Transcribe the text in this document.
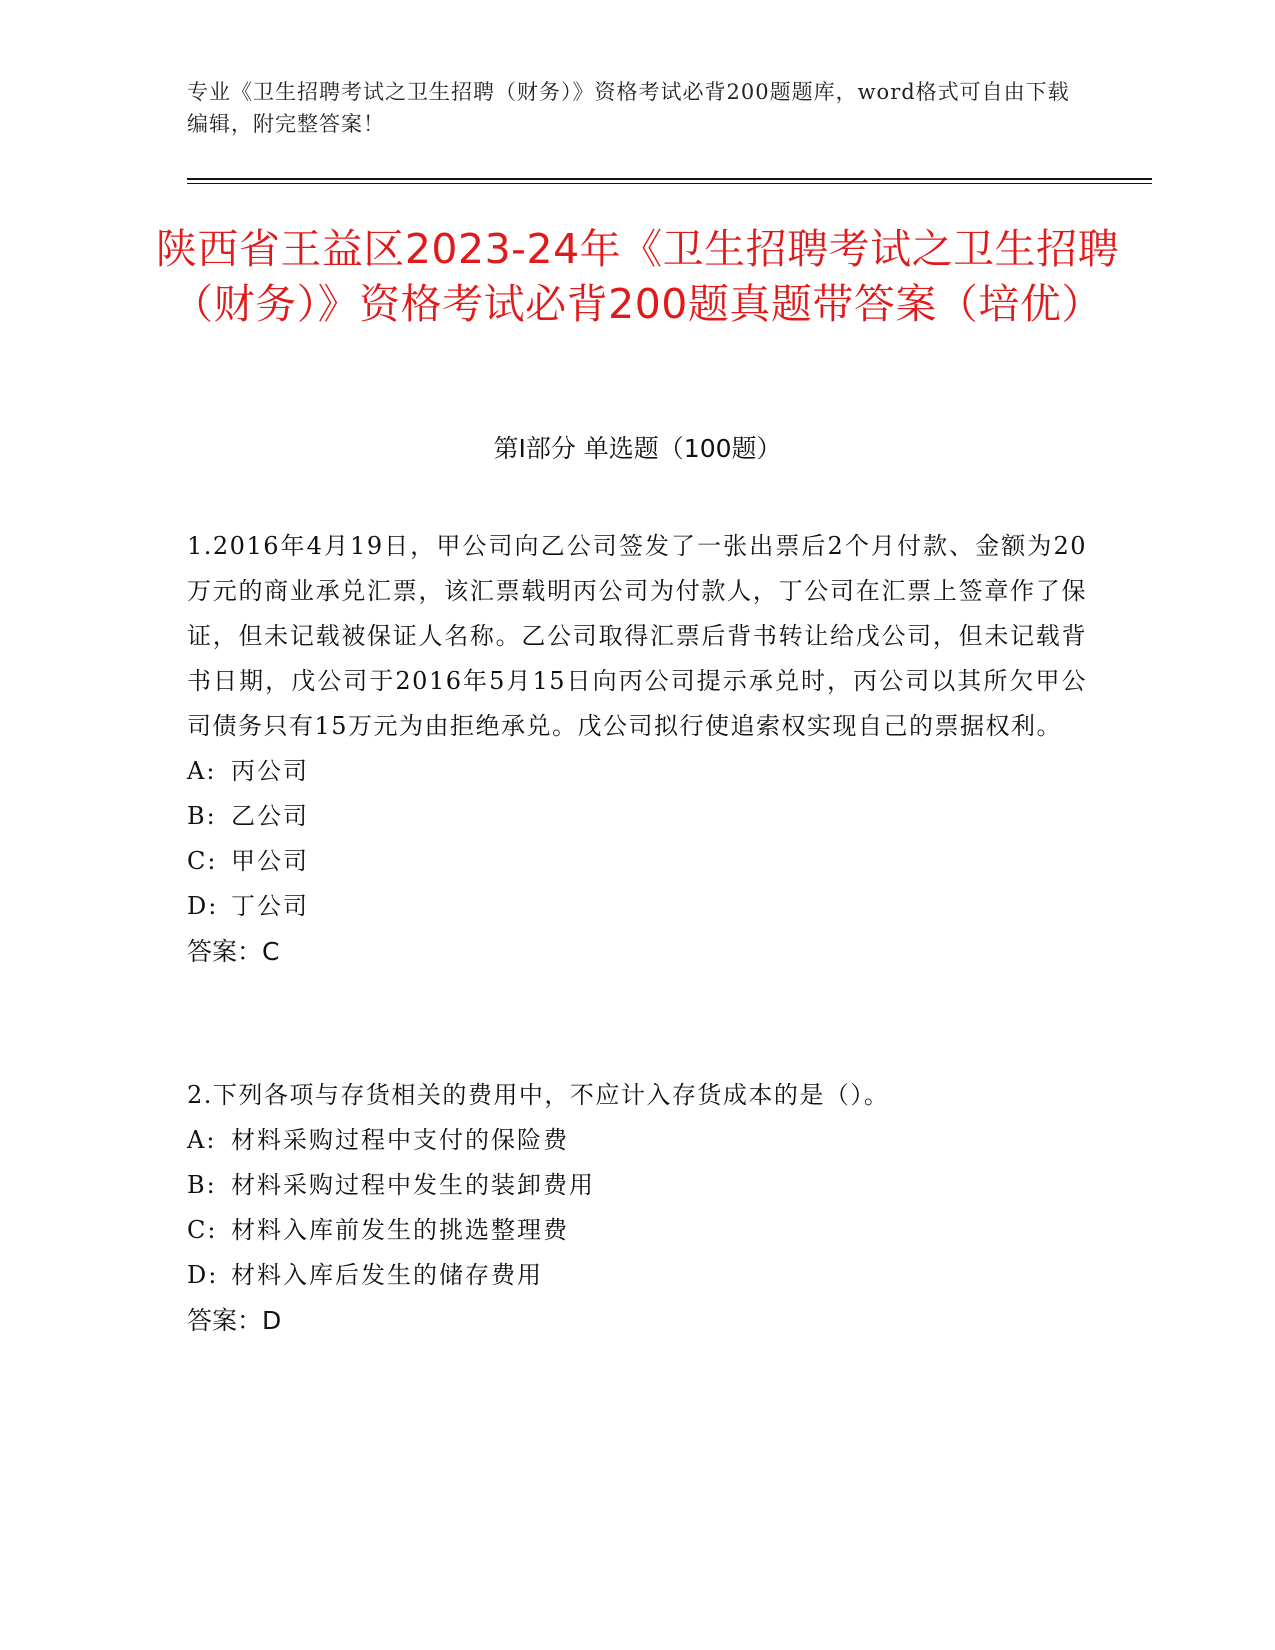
专业《卫生招聘考试之卫生招聘（财务）》资格考试必背200题题库，word格式可自由下载编辑，附完整答案！
陕西省王益区2023-24年《卫生招聘考试之卫生招聘（财务）》资格考试必背200题真题带答案（培优）
第Ⅰ部分 单选题（100题）
1.2016年4月19日，甲公司向乙公司签发了一张出票后2个月付款、金额为20万元的商业承兑汇票，该汇票载明丙公司为付款人，丁公司在汇票上签章作了保证，但未记载被保证人名称。乙公司取得汇票后背书转让给戊公司，但未记载背书日期，戊公司于2016年5月15日向丙公司提示承兑时，丙公司以其所欠甲公司债务只有15万元为由拒绝承兑。戊公司拟行使追索权实现自己的票据权利。
A: 丙公司
B: 乙公司
C: 甲公司
D: 丁公司
答案：C
2.下列各项与存货相关的费用中，不应计入存货成本的是（）。
A: 材料采购过程中支付的保险费
B: 材料采购过程中发生的装卸费用
C: 材料入库前发生的挑选整理费
D: 材料入库后发生的储存费用
答案：D
